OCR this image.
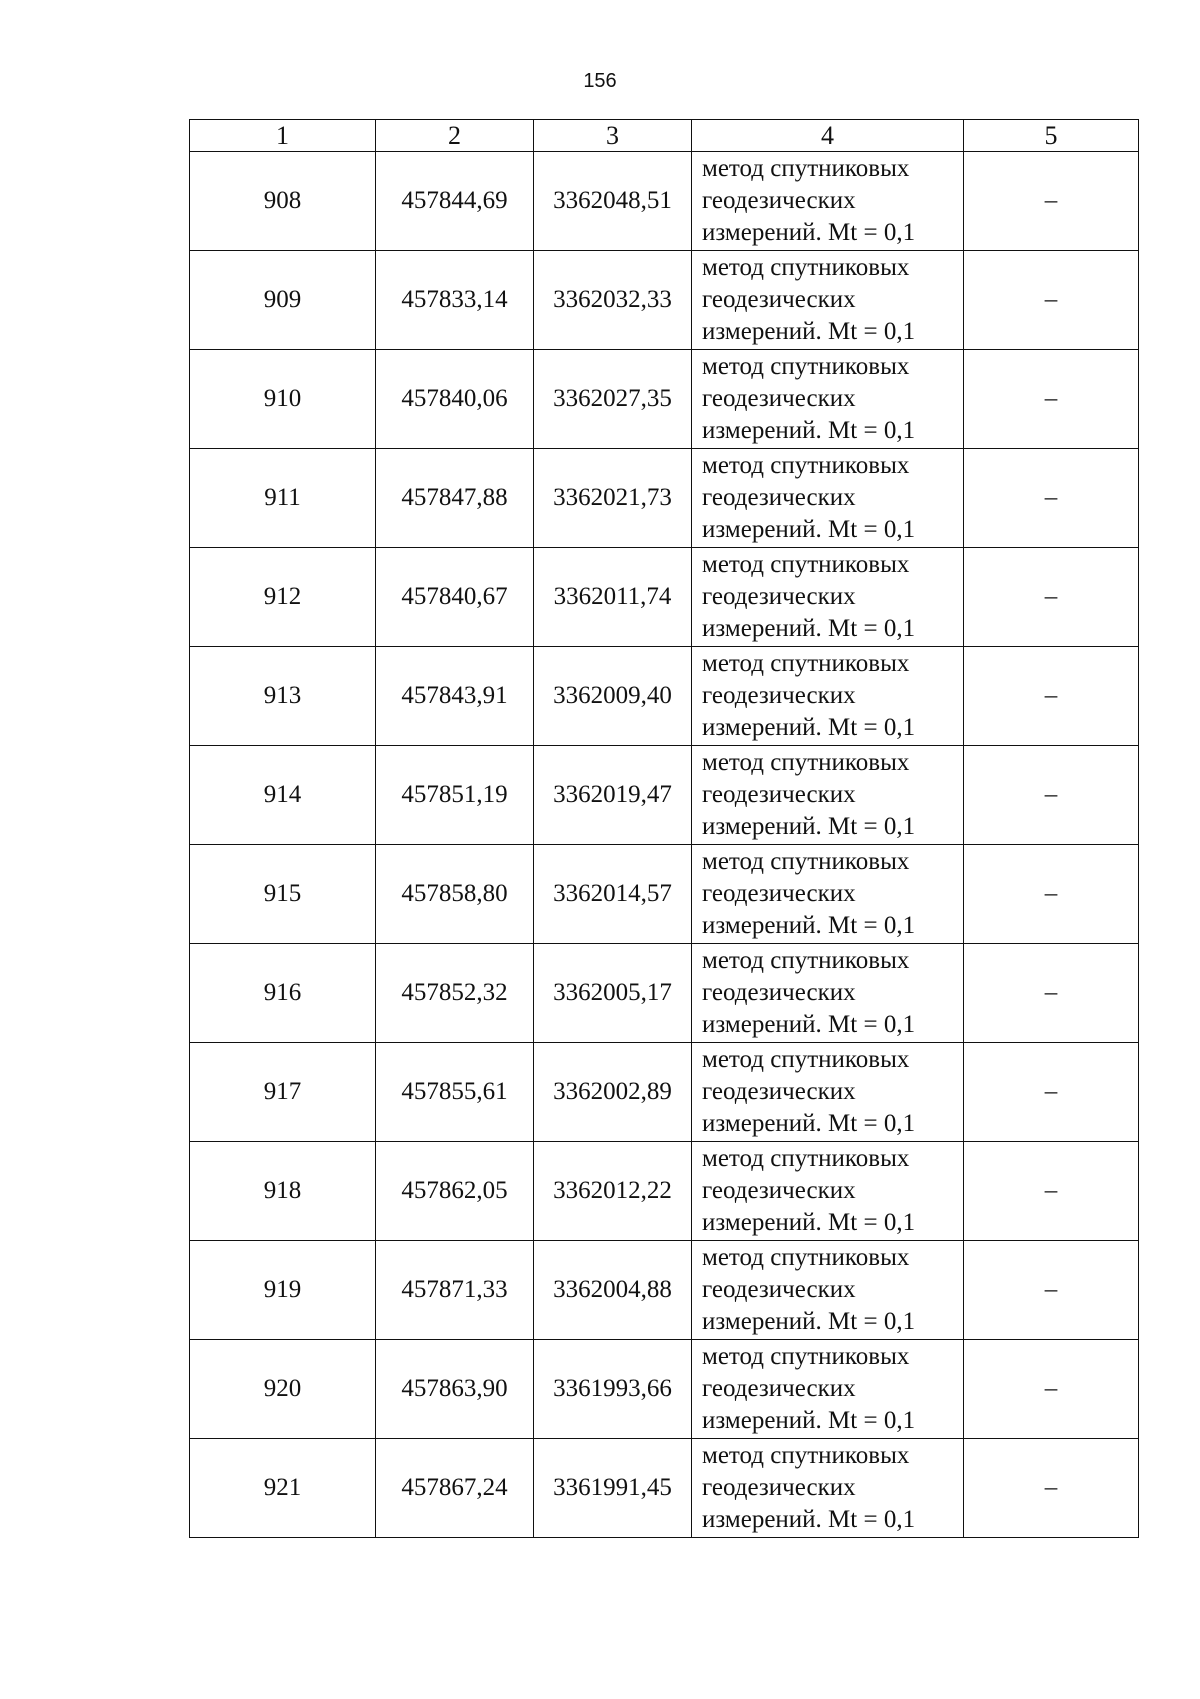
156
1	2	3	4	5
908	457844,69	3362048,51	метод спутниковых
геодезических
измерений. Mt = 0,1	–
909	457833,14	3362032,33	метод спутниковых
геодезических
измерений. Mt = 0,1	–
910	457840,06	3362027,35	метод спутниковых
геодезических
измерений. Mt = 0,1	–
911	457847,88	3362021,73	метод спутниковых
геодезических
измерений. Mt = 0,1	–
912	457840,67	3362011,74	метод спутниковых
геодезических
измерений. Mt = 0,1	–
913	457843,91	3362009,40	метод спутниковых
геодезических
измерений. Mt = 0,1	–
914	457851,19	3362019,47	метод спутниковых
геодезических
измерений. Mt = 0,1	–
915	457858,80	3362014,57	метод спутниковых
геодезических
измерений. Mt = 0,1	–
916	457852,32	3362005,17	метод спутниковых
геодезических
измерений. Mt = 0,1	–
917	457855,61	3362002,89	метод спутниковых
геодезических
измерений. Mt = 0,1	–
918	457862,05	3362012,22	метод спутниковых
геодезических
измерений. Mt = 0,1	–
919	457871,33	3362004,88	метод спутниковых
геодезических
измерений. Mt = 0,1	–
920	457863,90	3361993,66	метод спутниковых
геодезических
измерений. Mt = 0,1	–
921	457867,24	3361991,45	метод спутниковых
геодезических
измерений. Mt = 0,1	–
